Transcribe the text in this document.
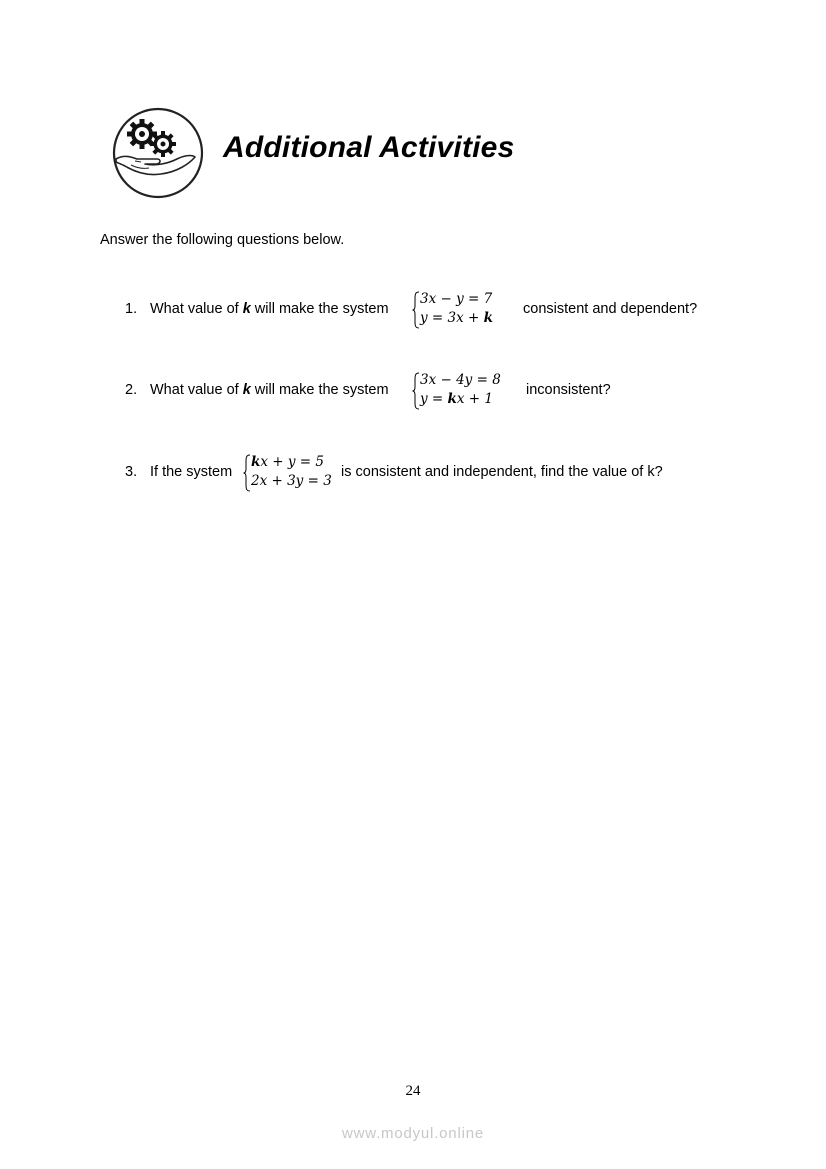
Additional Activities
Answer the following questions below.
1. What value of k will make the system	consistent and dependent?
3x − y = 7
y = 3x + k
2. What value of k will make the system	inconsistent?
3x − 4y = 8
y = kx + 1
3. If the system	is consistent and independent, find the value of k?
kx + y = 5
2x + 3y = 3
24
www.modyul.online
